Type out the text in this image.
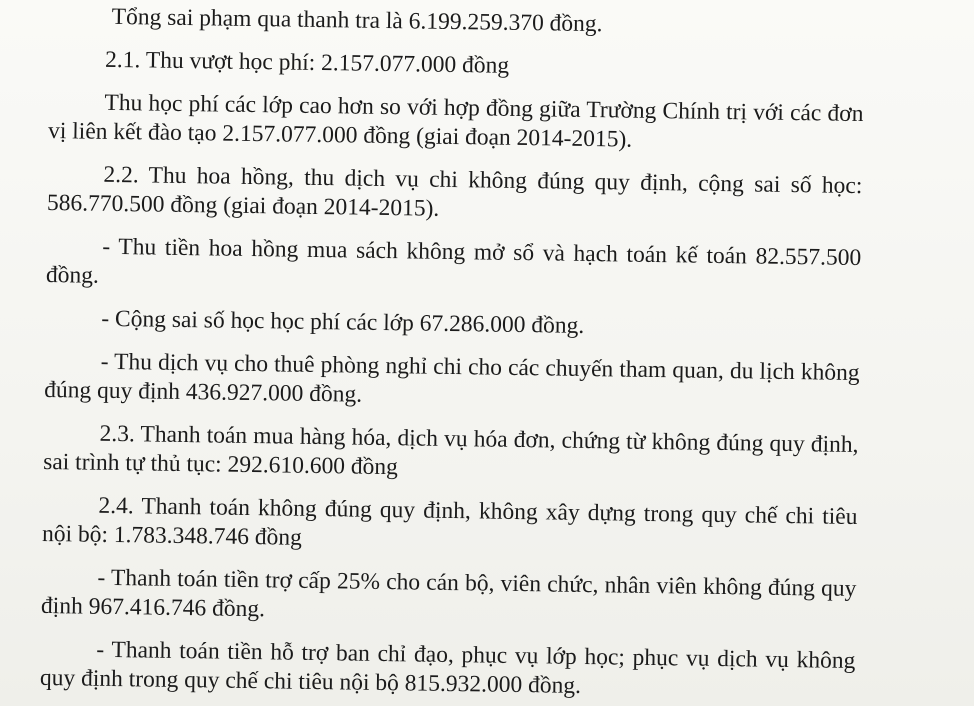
Tổng sai phạm qua thanh tra là 6.199.259.370 đồng.

2.1. Thu vượt học phí: 2.157.077.000 đồng

Thu học phí các lớp cao hơn so với hợp đồng giữa Trường Chính trị với các đơn vị liên kết đào tạo 2.157.077.000 đồng (giai đoạn 2014-2015).

2.2. Thu hoa hồng, thu dịch vụ chi không đúng quy định, cộng sai số học: 586.770.500 đồng (giai đoạn 2014-2015).

- Thu tiền hoa hồng mua sách không mở sổ và hạch toán kế toán 82.557.500 đồng.

- Cộng sai số học học phí các lớp 67.286.000 đồng.

- Thu dịch vụ cho thuê phòng nghỉ chi cho các chuyến tham quan, du lịch không đúng quy định 436.927.000 đồng.

2.3. Thanh toán mua hàng hóa, dịch vụ hóa đơn, chứng từ không đúng quy định, sai trình tự thủ tục: 292.610.600 đồng

2.4. Thanh toán không đúng quy định, không xây dựng trong quy chế chi tiêu nội bộ: 1.783.348.746 đồng

- Thanh toán tiền trợ cấp 25% cho cán bộ, viên chức, nhân viên không đúng quy định 967.416.746 đồng.

- Thanh toán tiền hỗ trợ ban chỉ đạo, phục vụ lớp học; phục vụ dịch vụ không quy định trong quy chế chi tiêu nội bộ 815.932.000 đồng.
